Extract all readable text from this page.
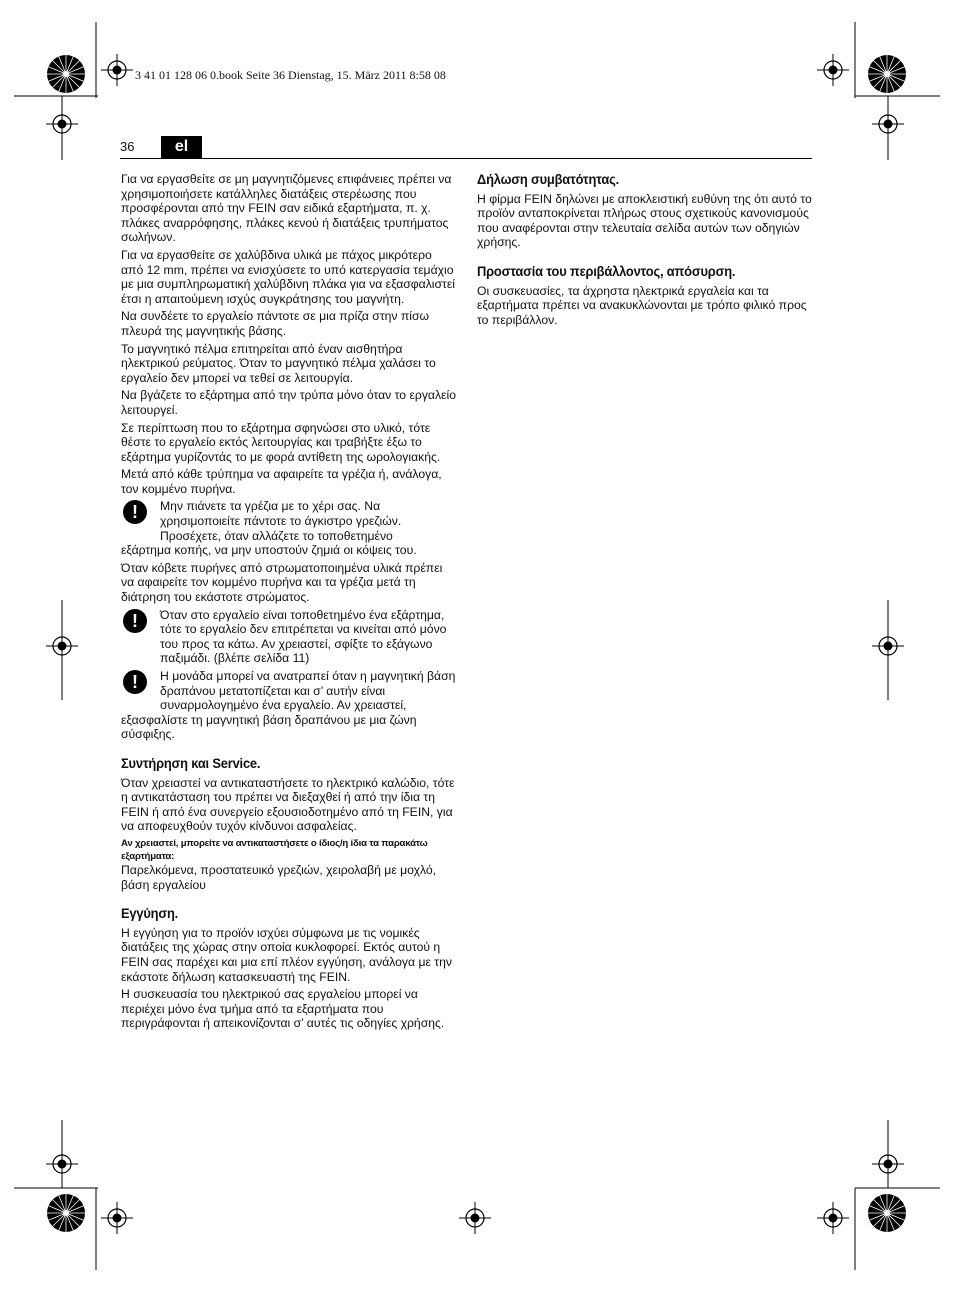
3 41 01 128 06 0.book Seite 36 Dienstag, 15. März 2011 8:58 08
36	el

Για να εργασθείτε σε μη μαγνητιζόμενες επιφάνειες πρέπει να χρησιμοποιήσετε κατάλληλες διατάξεις στερέωσης που προσφέρονται από την FEIN σαν ειδικά εξαρτήματα, π. χ. πλάκες αναρρόφησης, πλάκες κενού ή διατάξεις τρυπήματος σωλήνων.

Για να εργασθείτε σε χαλύβδινα υλικά με πάχος μικρότερο από 12 mm, πρέπει να ενισχύσετε το υπό κατεργασία τεμάχιο με μια συμπληρωματική χαλύβδινη πλάκα για να εξασφαλιστεί έτσι η απαιτούμενη ισχύς συγκράτησης του μαγνήτη.

Να συνδέετε το εργαλείο πάντοτε σε μια πρίζα στην πίσω πλευρά της μαγνητικής βάσης.

Το μαγνητικό πέλμα επιτηρείται από έναν αισθητήρα ηλεκτρικού ρεύματος. Όταν το μαγνητικό πέλμα χαλάσει το εργαλείο δεν μπορεί να τεθεί σε λειτουργία.

Να βγάζετε το εξάρτημα από την τρύπα μόνο όταν το εργαλείο λειτουργεί.

Σε περίπτωση που το εξάρτημα σφηνώσει στο υλικό, τότε θέστε το εργαλείο εκτός λειτουργίας και τραβήξτε έξω το εξάρτημα γυρίζοντάς το με φορά αντίθετη της ωρολογιακής.

Μετά από κάθε τρύπημα να αφαιρείτε τα γρέζια ή, ανάλογα, τον κομμένο πυρήνα.

!	Μην πιάνετε τα γρέζια με το χέρι σας. Να χρησιμοποιείτε πάντοτε το άγκιστρο γρεζιών.
Προσέχετε, όταν αλλάζετε το τοποθετημένο

εξάρτημα κοπής, να μην υποστούν ζημιά οι κόψεις του.

Όταν κόβετε πυρήνες από στρωματοποιημένα υλικά πρέπει να αφαιρείτε τον κομμένο πυρήνα και τα γρέζια μετά τη διάτρηση του εκάστοτε στρώματος.

!	Όταν στο εργαλείο είναι τοποθετημένο ένα εξάρτημα, τότε το εργαλείο δεν επιτρέπεται να κινείται από μόνο του προς τα κάτω. Αν χρειαστεί, σφίξτε το εξάγωνο παξιμάδι. (βλέπε σελίδα 11)
!	Η μονάδα μπορεί να ανατραπεί όταν η μαγνητική βάση δραπάνου μετατοπίζεται και σ’ αυτήν είναι συναρμολογημένο ένα εργαλείο. Αν χρειαστεί,

εξασφαλίστε τη μαγνητική βάση δραπάνου με μια ζώνη σύσφιξης.

Συντήρηση και Service.

Όταν χρειαστεί να αντικαταστήσετε το ηλεκτρικό καλώδιο, τότε η αντικατάσταση του πρέπει να διεξαχθεί ή από την ίδια τη FEIN ή από ένα συνεργείο εξουσιοδοτημένο από τη FEIN, για να αποφευχθούν τυχόν κίνδυνοι ασφαλείας.

Αν χρειαστεί, μπορείτε να αντικαταστήσετε ο ίδιος/η ίδια τα παρακάτω εξαρτήματα:

Παρελκόμενα, προστατευικό γρεζιών, χειρολαβή με μοχλό, βάση εργαλείου

Εγγύηση.

Η εγγύηση για το προϊόν ισχύει σύμφωνα με τις νομικές διατάξεις της χώρας στην οποία κυκλοφορεί. Εκτός αυτού η FEIN σας παρέχει και μια επί πλέον εγγύηση, ανάλογα με την εκάστοτε δήλωση κατασκευαστή της FEIN.

Η συσκευασία του ηλεκτρικού σας εργαλείου μπορεί να περιέχει μόνο ένα τμήμα από τα εξαρτήματα που περιγράφονται ή απεικονίζονται σ’ αυτές τις οδηγίες χρήσης.

Δήλωση συμβατότητας.

Η φίρμα FEIN δηλώνει με αποκλειστική ευθύνη της ότι αυτό το προϊόν ανταποκρίνεται πλήρως στους σχετικούς κανονισμούς που αναφέρονται στην τελευταία σελίδα αυτών των οδηγιών χρήσης.

Προστασία του περιβάλλοντος, απόσυρση.

Οι συσκευασίες, τα άχρηστα ηλεκτρικά εργαλεία και τα εξαρτήματα πρέπει να ανακυκλώνονται με τρόπο φιλικό προς το περιβάλλον.
